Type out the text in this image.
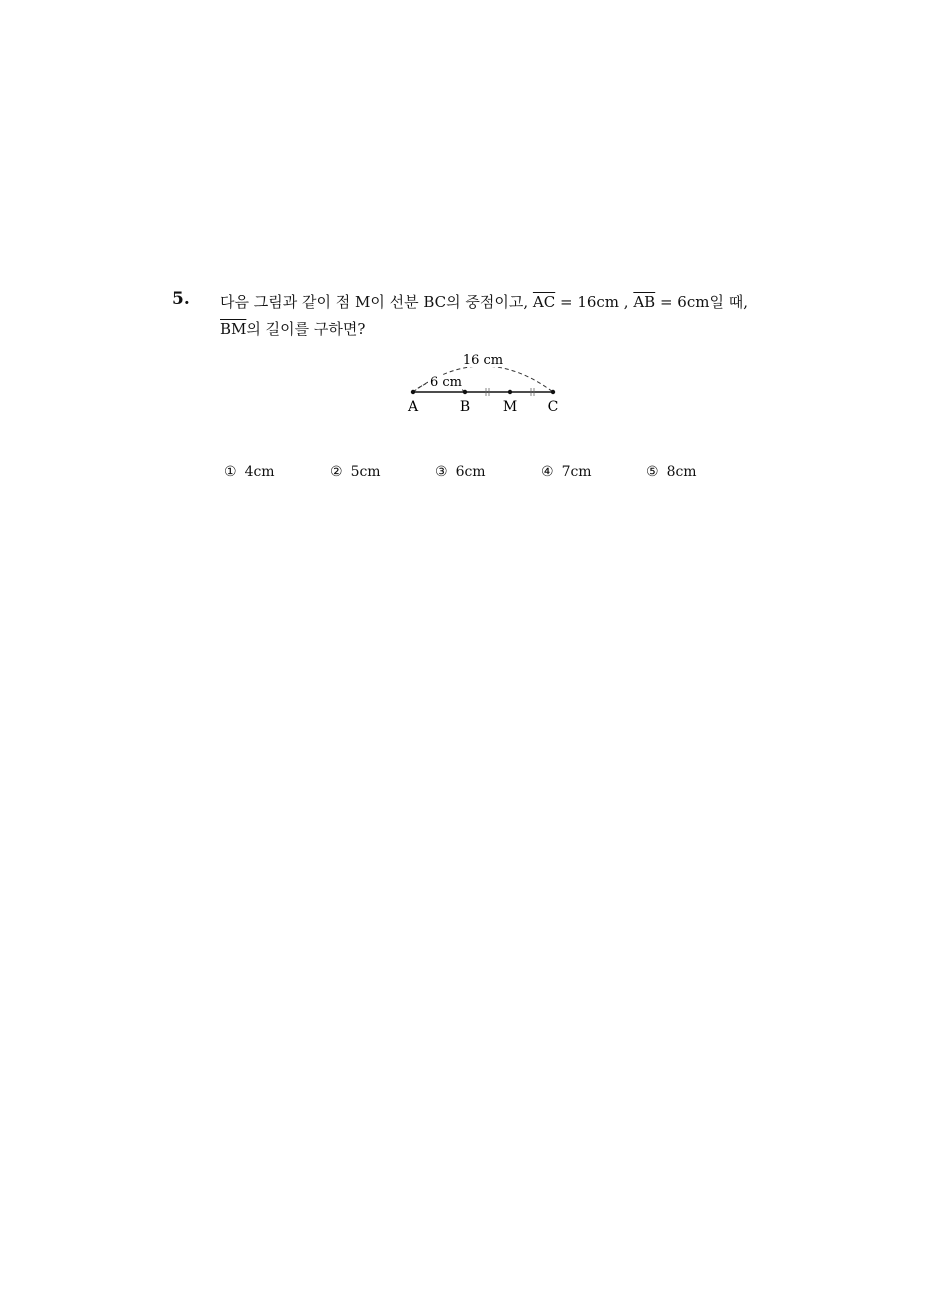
5. 다음 그림과 같이 점 M이 선분 BC의 중점이고, $\overline{AC} = 16cm$ , $\overline{AB} = 6cm$일 때,
$\overline{BM}$의 길이를 구하면?
16 cm
6 cm
A	B M C
① 4cm	② 5cm	③ 6cm	④ 7cm	⑤ 8cm
